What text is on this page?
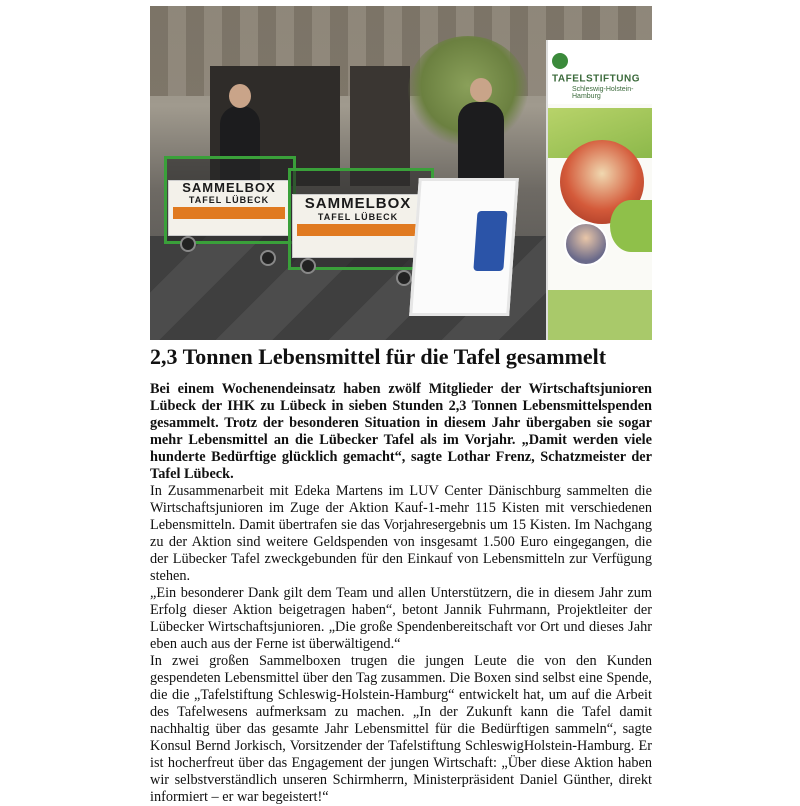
SAMMELBOX
TAFEL LÜBECK	SAMMELBOX
TAFEL LÜBECK
TAFELSTIFTUNG
Schleswig-Holstein-Hamburg
2,3 Tonnen Lebensmittel für die Tafel gesammelt

Bei einem Wochenendeinsatz haben zwölf Mitglieder der Wirtschaftsjunioren Lübeck der IHK zu Lübeck in sieben Stunden 2,3 Tonnen Lebensmittelspenden gesammelt. Trotz der besonderen Situation in diesem Jahr übergaben sie sogar mehr Lebensmittel an die Lübecker Tafel als im Vorjahr. „Damit werden viele hunderte Bedürftige glücklich gemacht“, sagte Lothar Frenz, Schatzmeister der Tafel Lübeck.

In Zusammenarbeit mit Edeka Martens im LUV Center Dänischburg sammelten die Wirtschaftsjunioren im Zuge der Aktion Kauf-1-mehr 115 Kisten mit verschiedenen Lebensmitteln. Damit übertrafen sie das Vorjahresergebnis um 15 Kisten. Im Nachgang zu der Aktion sind weitere Geldspenden von insgesamt 1.500 Euro eingegangen, die der Lübecker Tafel zweckgebunden für den Einkauf von Lebensmitteln zur Verfügung stehen.

„Ein besonderer Dank gilt dem Team und allen Unterstützern, die in diesem Jahr zum Erfolg dieser Aktion beigetragen haben“, betont Jannik Fuhrmann, Projektleiter der Lübecker Wirtschaftsjunioren. „Die große Spendenbereitschaft vor Ort und dieses Jahr eben auch aus der Ferne ist überwältigend.“

In zwei großen Sammelboxen trugen die jungen Leute die von den Kunden gespendeten Lebensmittel über den Tag zusammen. Die Boxen sind selbst eine Spende, die die „Tafelstiftung Schleswig-Holstein-Hamburg“ entwickelt hat, um auf die Arbeit des Tafelwesens aufmerksam zu machen. „In der Zukunft kann die Tafel damit nachhaltig über das gesamte Jahr Lebensmittel für die Bedürftigen sammeln“, sagte Konsul Bernd Jorkisch, Vorsitzender der Tafelstiftung SchleswigHolstein-Hamburg. Er ist hocherfreut über das Engagement der jungen Wirtschaft: „Über diese Aktion haben wir selbstverständlich unseren Schirmherrn, Ministerpräsident Daniel Günther, direkt informiert – er war begeistert!“
